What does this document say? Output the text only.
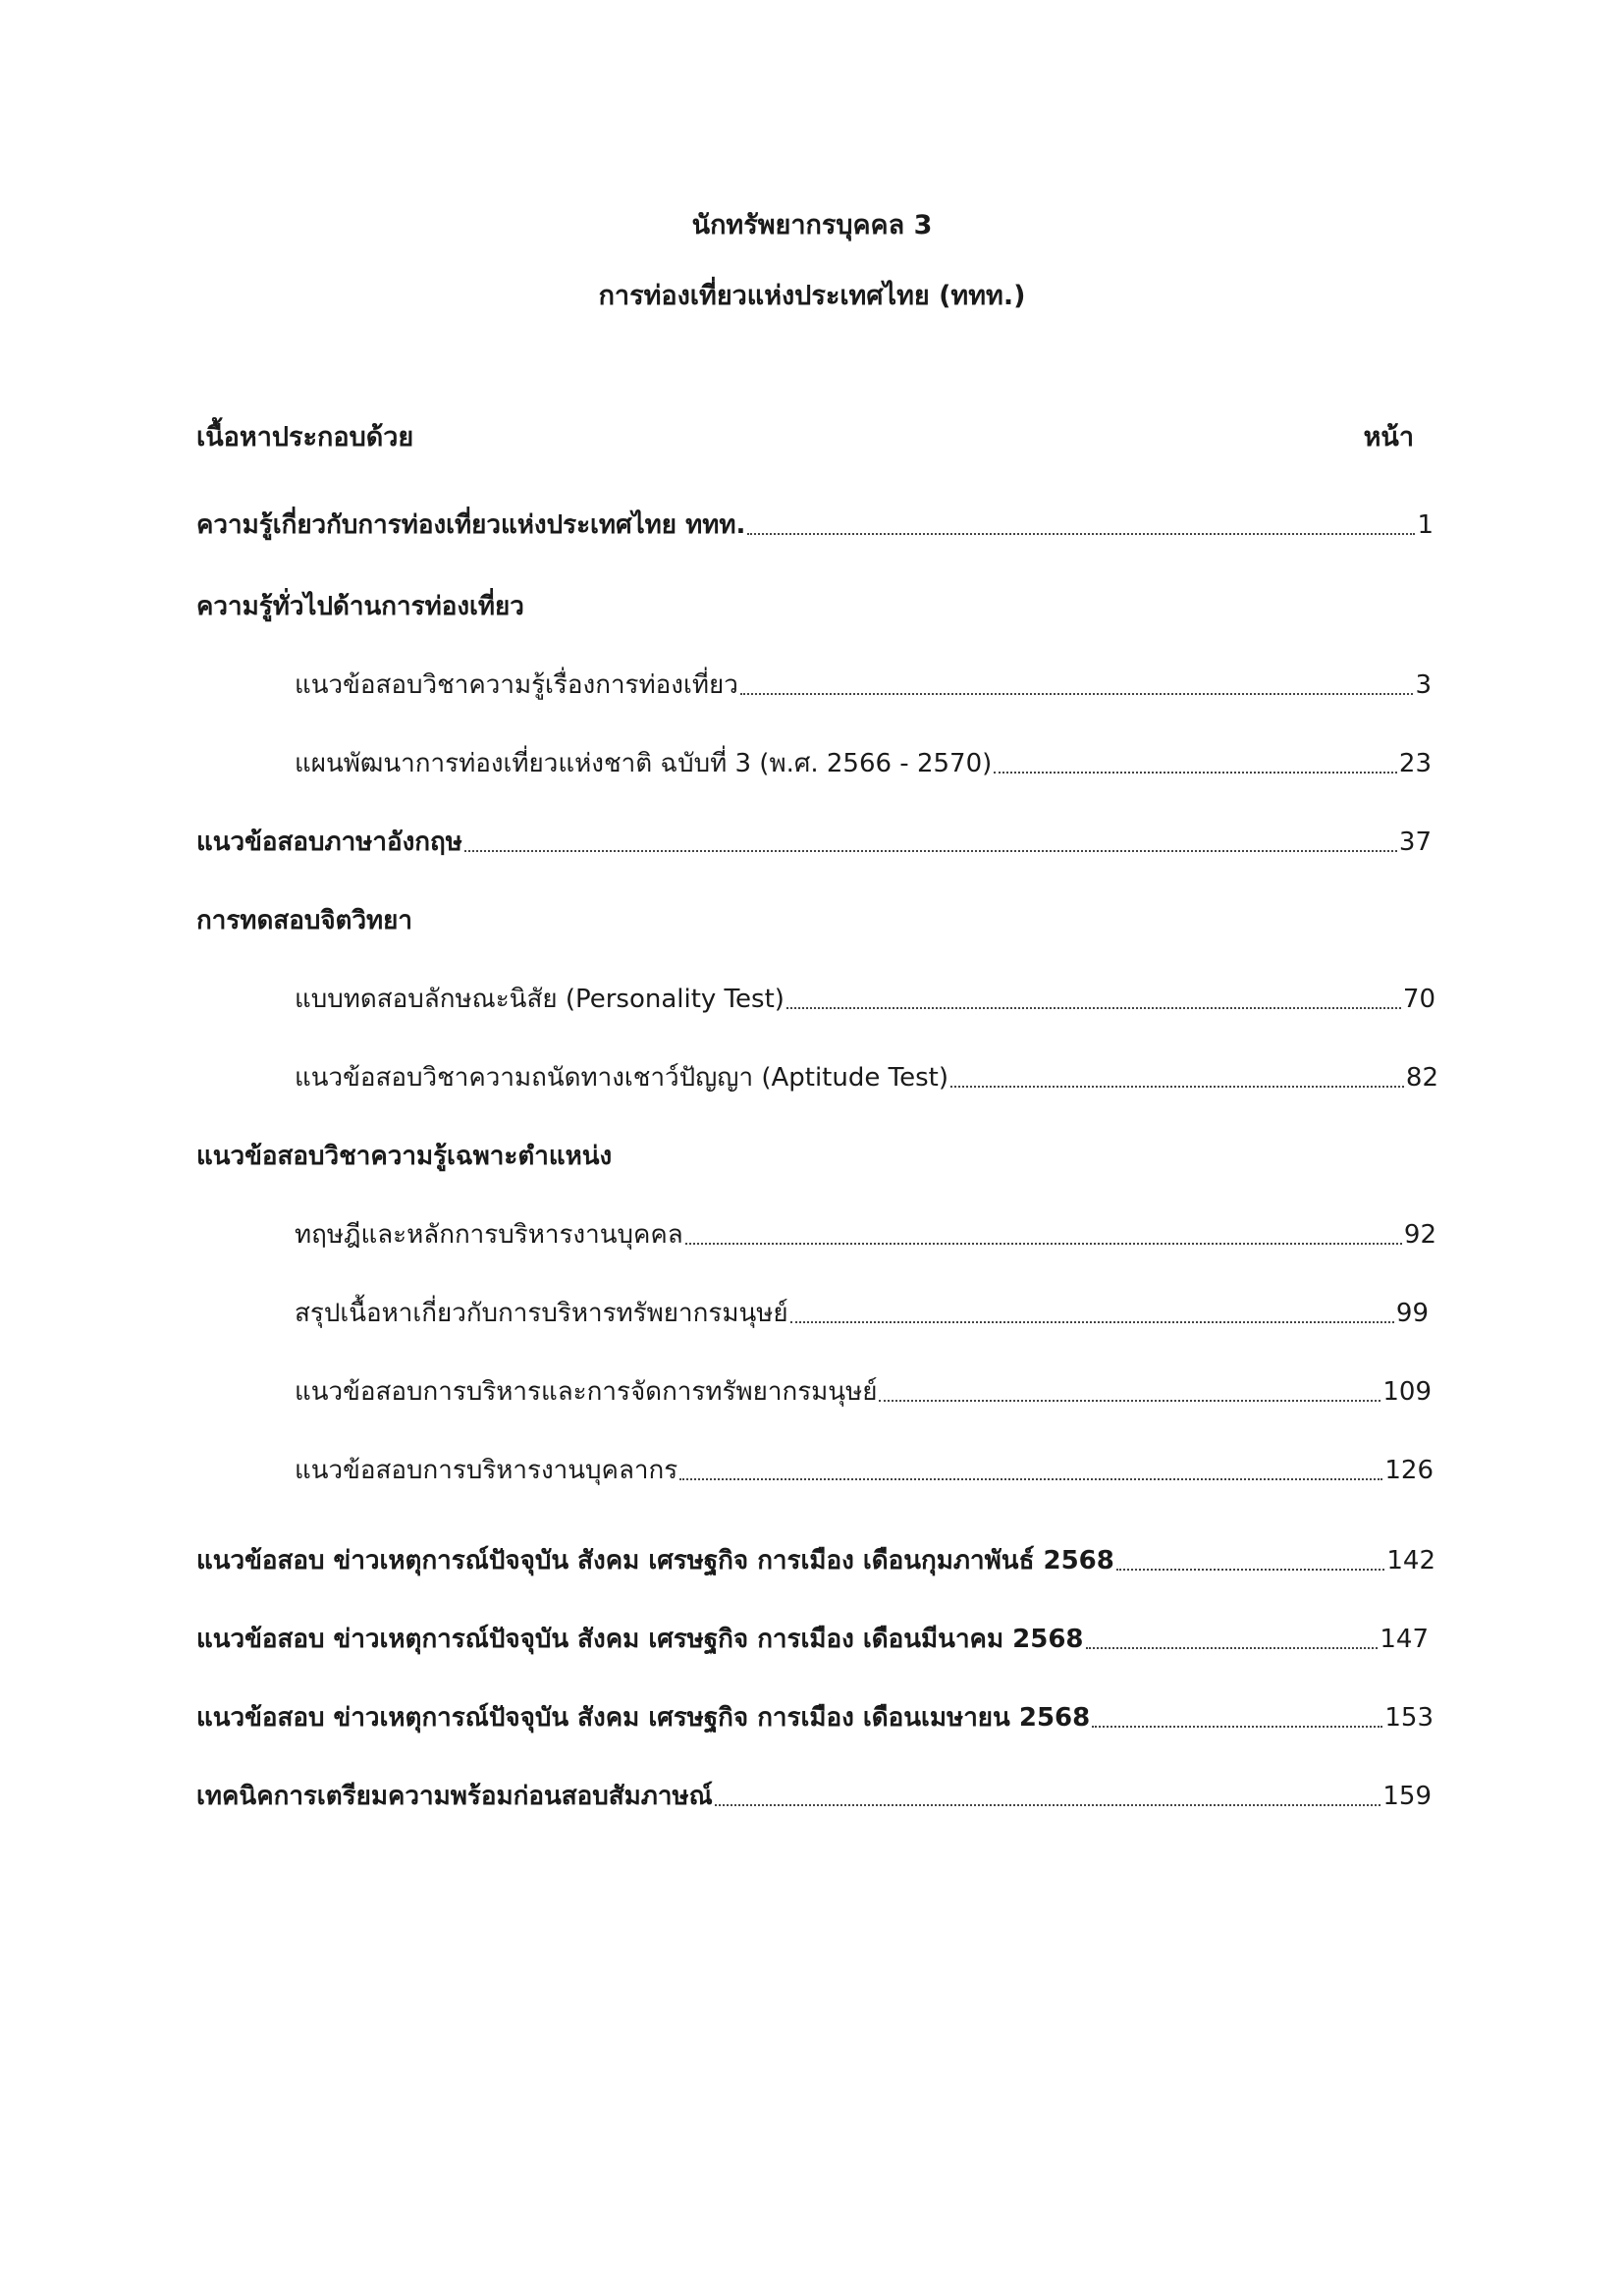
นักทรัพยากรบุคคล 3
การท่องเที่ยวแห่งประเทศไทย (ททท.)
เนื้อหาประกอบด้วย	หน้า
ความรู้เกี่ยวกับการท่องเที่ยวแห่งประเทศไทย ททท.	1
ความรู้ทั่วไปด้านการท่องเที่ยว
แนวข้อสอบวิชาความรู้เรื่องการท่องเที่ยว	3
แผนพัฒนาการท่องเที่ยวแห่งชาติ ฉบับที่ 3 (พ.ศ. 2566 - 2570)	23
แนวข้อสอบภาษาอังกฤษ	37
การทดสอบจิตวิทยา
แบบทดสอบลักษณะนิสัย (Personality Test)	70
แนวข้อสอบวิชาความถนัดทางเชาว์ปัญญา (Aptitude Test)	82
แนวข้อสอบวิชาความรู้เฉพาะตำแหน่ง
ทฤษฎีและหลักการบริหารงานบุคคล	92
สรุปเนื้อหาเกี่ยวกับการบริหารทรัพยากรมนุษย์	99
แนวข้อสอบการบริหารและการจัดการทรัพยากรมนุษย์	109
แนวข้อสอบการบริหารงานบุคลากร	126
แนวข้อสอบ ข่าวเหตุการณ์ปัจจุบัน สังคม เศรษฐกิจ การเมือง เดือนกุมภาพันธ์ 2568	142
แนวข้อสอบ ข่าวเหตุการณ์ปัจจุบัน สังคม เศรษฐกิจ การเมือง เดือนมีนาคม 2568	147
แนวข้อสอบ ข่าวเหตุการณ์ปัจจุบัน สังคม เศรษฐกิจ การเมือง เดือนเมษายน 2568	153
เทคนิคการเตรียมความพร้อมก่อนสอบสัมภาษณ์	159
